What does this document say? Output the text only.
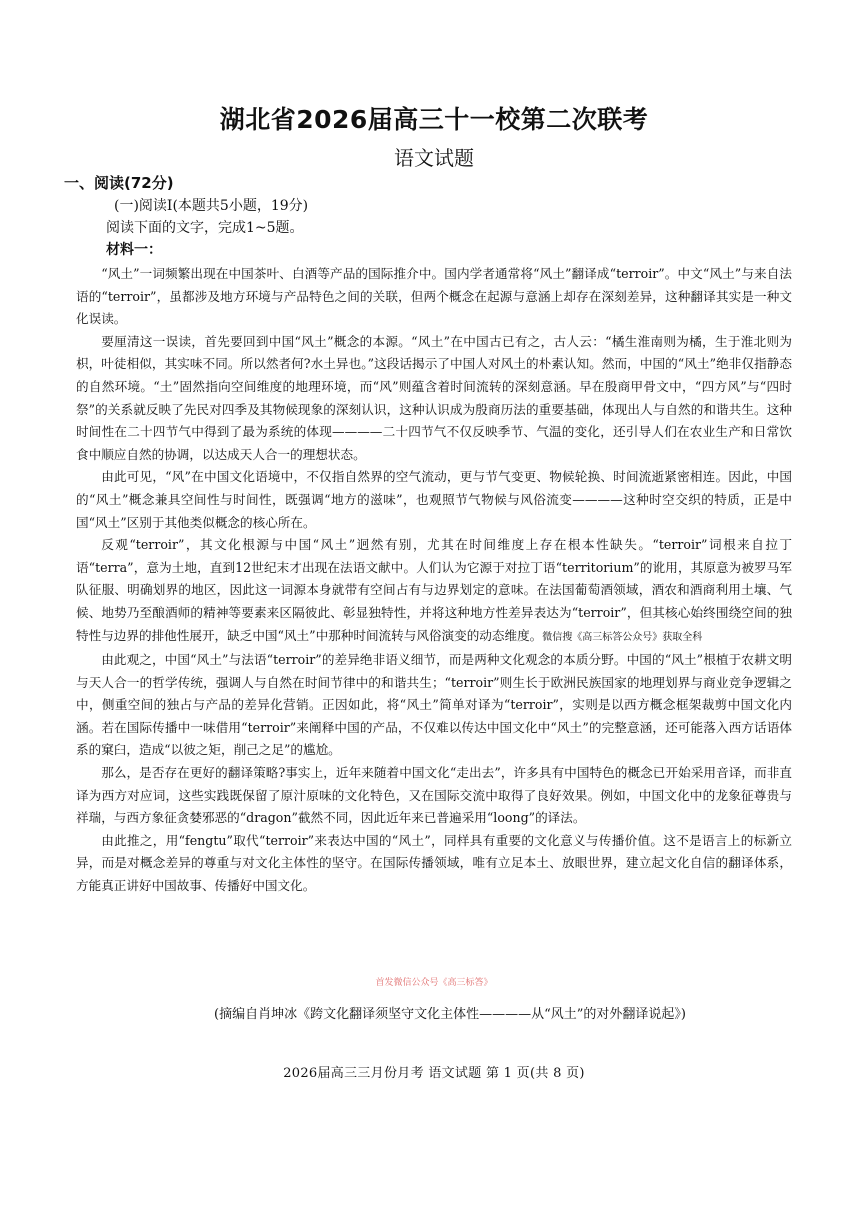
湖北省2026届高三十一校第二次联考
语文试题
一、阅读(72分)
(一)阅读Ⅰ(本题共5小题，19分)
阅读下面的文字，完成1~5题。
材料一：

“风土”一词频繁出现在中国茶叶、白酒等产品的国际推介中。国内学者通常将“风土”翻译成“terroir”。中文“风土”与来自法语的“terroir”，虽都涉及地方环境与产品特色之间的关联，但两个概念在起源与意涵上却存在深刻差异，这种翻译其实是一种文化误读。

要厘清这一误读，首先要回到中国“风土”概念的本源。“风土”在中国古已有之，古人云：“橘生淮南则为橘，生于淮北则为枳，叶徒相似，其实味不同。所以然者何?水土异也。”这段话揭示了中国人对风土的朴素认知。然而，中国的“风土”绝非仅指静态的自然环境。“土”固然指向空间维度的地理环境，而“风”则蕴含着时间流转的深刻意涵。早在殷商甲骨文中，“四方风”与“四时祭”的关系就反映了先民对四季及其物候现象的深刻认识，这种认识成为殷商历法的重要基础，体现出人与自然的和谐共生。这种时间性在二十四节气中得到了最为系统的体现————二十四节气不仅反映季节、气温的变化，还引导人们在农业生产和日常饮食中顺应自然的协调，以达成天人合一的理想状态。

由此可见，“风”在中国文化语境中，不仅指自然界的空气流动，更与节气变更、物候轮换、时间流逝紧密相连。因此，中国的“风土”概念兼具空间性与时间性，既强调“地方的滋味”，也观照节气物候与风俗流变————这种时空交织的特质，正是中国“风土”区别于其他类似概念的核心所在。

反观“terroir”，其文化根源与中国“风土”迥然有别，尤其在时间维度上存在根本性缺失。“terroir”词根来自拉丁语“terra”，意为土地，直到12世纪末才出现在法语文献中。人们认为它源于对拉丁语“territorium”的讹用，其原意为被罗马军队征服、明确划界的地区，因此这一词源本身就带有空间占有与边界划定的意味。在法国葡萄酒领域，酒农和酒商利用土壤、气候、地势乃至酿酒师的精神等要素来区隔彼此、彰显独特性，并将这种地方性差异表达为“terroir”，但其核心始终围绕空间的独特性与边界的排他性展开，缺乏中国“风土”中那种时间流转与风俗演变的动态维度。微信搜《高三标答公众号》获取全科

由此观之，中国“风土”与法语“terroir”的差异绝非语义细节，而是两种文化观念的本质分野。中国的“风土”根植于农耕文明与天人合一的哲学传统，强调人与自然在时间节律中的和谐共生；“terroir”则生长于欧洲民族国家的地理划界与商业竞争逻辑之中，侧重空间的独占与产品的差异化营销。正因如此，将“风土”简单对译为“terroir”，实则是以西方概念框架裁剪中国文化内涵。若在国际传播中一味借用“terroir”来阐释中国的产品，不仅难以传达中国文化中“风土”的完整意涵，还可能落入西方话语体系的窠臼，造成“以彼之矩，削己之足”的尴尬。

那么，是否存在更好的翻译策略?事实上，近年来随着中国文化“走出去”，许多具有中国特色的概念已开始采用音译，而非直译为西方对应词，这些实践既保留了原汁原味的文化特色，又在国际交流中取得了良好效果。例如，中国文化中的龙象征尊贵与祥瑞，与西方象征贪婪邪恶的“dragon”截然不同，因此近年来已普遍采用“loong”的译法。

由此推之，用“fengtu”取代“terroir”来表达中国的“风土”，同样具有重要的文化意义与传播价值。这不是语言上的标新立异，而是对概念差异的尊重与对文化主体性的坚守。在国际传播领域，唯有立足本土、放眼世界，建立起文化自信的翻译体系，方能真正讲好中国故事、传播好中国文化。

首发微信公众号《高三标答》
(摘编自肖坤冰《跨文化翻译须坚守文化主体性————从“风土”的对外翻译说起》)
2026届高三三月份月考 语文试题 第 1 页(共 8 页)
